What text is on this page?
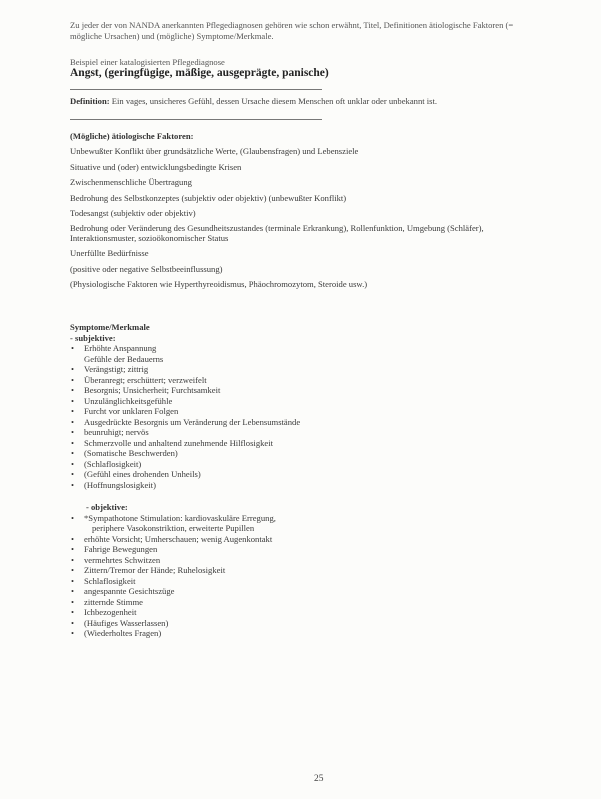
Zu jeder der von NANDA anerkannten Pflegediagnosen gehören wie schon erwähnt, Titel, Definitionen ätiologische Faktoren (= mögliche Ursachen) und (mögliche) Symptome/Merkmale.
Beispiel einer katalogisierten Pflegediagnose
Angst, (geringfügige, mäßige, ausgeprägte, panische)
Definition: Ein vages, unsicheres Gefühl, dessen Ursache diesem Menschen oft unklar oder unbekannt ist.
(Mögliche) ätiologische Faktoren:
Unbewußter Konflikt über grundsätzliche Werte, (Glaubensfragen) und Lebensziele
Situative und (oder) entwicklungsbedingte Krisen
Zwischenmenschliche Übertragung
Bedrohung des Selbstkonzeptes (subjektiv oder objektiv) (unbewußter Konflikt)
Todesangst (subjektiv oder objektiv)
Bedrohung oder Veränderung des Gesundheitszustandes (terminale Erkrankung), Rollenfunktion, Umgebung (Schläfer), Interaktionsmuster, sozioökonomischer Status
Unerfüllte Bedürfnisse
(positive oder negative Selbstbeeinflussung)
(Physiologische Faktoren wie Hyperthyreoidismus, Phäochromozytom, Steroide usw.)
Symptome/Merkmale
- subjektive:
• Erhöhte Anspannung
Gefühle der Bedauerns
• Verängstigt; zittrig
• Überanregt; erschüttert; verzweifelt
• Besorgnis; Unsicherheit; Furchtsamkeit
• Unzulänglichkeitsgefühle
• Furcht vor unklaren Folgen
• Ausgedrückte Besorgnis um Veränderung der Lebensumstände
• beunruhigt; nervös
• Schmerzvolle und anhaltend zunehmende Hilflosigkeit
• (Somatische Beschwerden)
• (Schlaflosigkeit)
• (Gefühl eines drohenden Unheils)
• (Hoffnungslosigkeit)
- objektive:
• *Sympathotone Stimulation: kardiovaskuläre Erregung,
periphere Vasokonstriktion, erweiterte Pupillen
• erhöhte Vorsicht; Umherschauen; wenig Augenkontakt
• Fahrige Bewegungen
• vermehrtes Schwitzen
• Zittern/Tremor der Hände; Ruhelosigkeit
• Schlaflosigkeit
• angespannte Gesichtszüge
• zitternde Stimme
• Ichbezogenheit
• (Häufiges Wasserlassen)
• (Wiederholtes Fragen)
25
